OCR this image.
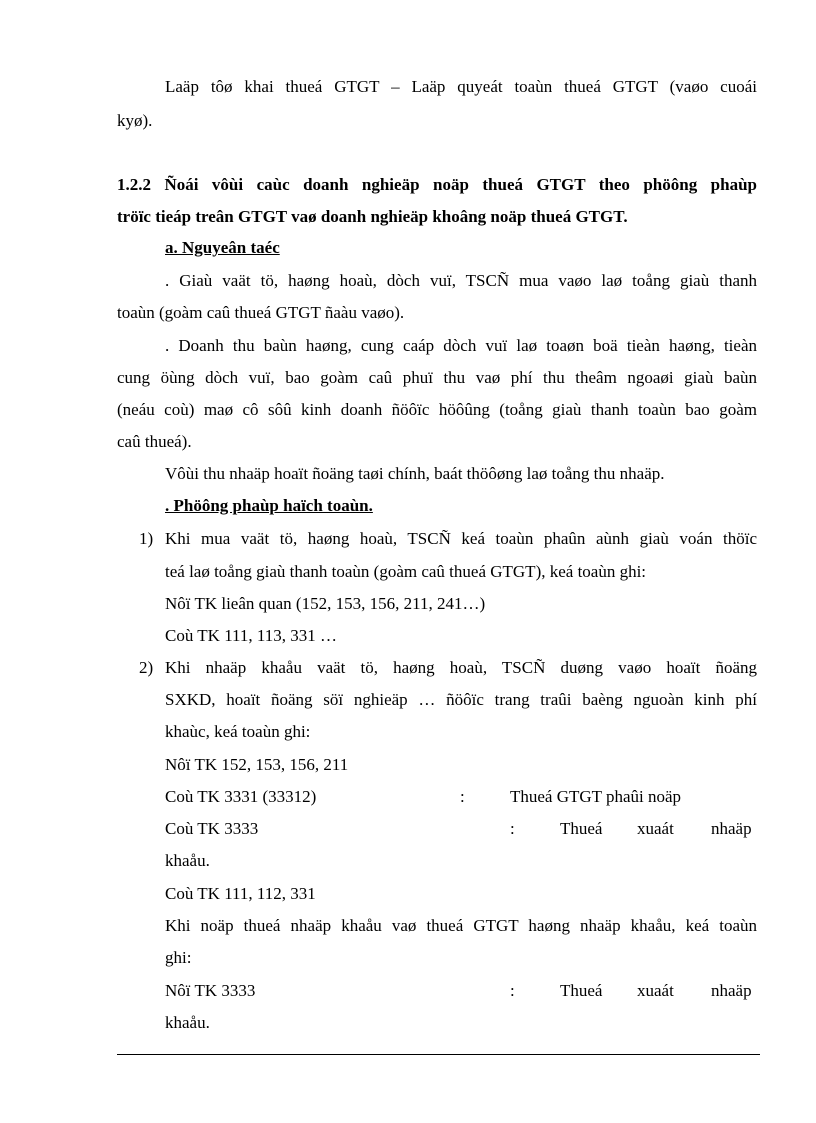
Laäp tôø khai thueá GTGT – Laäp quyeát toaùn thueá GTGT (vaøo cuoái
kyø).
1.2.2 Ñoái vôùi caùc doanh nghieäp noäp thueá GTGT theo phöông phaùp
tröïc tieáp treân GTGT vaø doanh nghieäp khoâng noäp thueá GTGT.
a. Nguyeân taéc
. Giaù vaät tö, haøng hoaù, dòch vuï, TSCÑ mua vaøo laø toång giaù thanh
toaùn (goàm caû thueá GTGT ñaàu vaøo).
. Doanh thu baùn haøng, cung caáp dòch vuï laø toaøn boä tieàn haøng, tieàn
cung öùng dòch vuï, bao goàm caû phuï thu vaø phí thu theâm ngoaøi giaù baùn
(neáu coù) maø cô sôû kinh doanh ñöôïc höôûng (toång giaù thanh toaùn bao goàm
caû thueá).
Vôùi thu nhaäp hoaït ñoäng taøi chính, baát thöôøng laø toång thu nhaäp.
. Phöông phaùp haïch toaùn.
1) Khi mua vaät tö, haøng hoaù, TSCÑ keá toaùn phaûn aùnh giaù voán thöïc
teá laø toång giaù thanh toaùn (goàm caû thueá GTGT), keá toaùn ghi:
Nôï TK lieân quan (152, 153, 156, 211, 241…)
Coù TK 111, 113, 331 …
2) Khi nhaäp khaåu vaät tö, haøng hoaù, TSCÑ duøng vaøo hoaït ñoäng
SXKD, hoaït ñoäng söï nghieäp … ñöôïc trang traûi baèng nguoàn kinh phí
khaùc, keá toaùn ghi:
Nôï TK 152, 153, 156, 211
Coù TK 3331 (33312)	:	Thueá GTGT phaûi noäp
Coù TK 3333	:	Thueá xuaát nhaäp
khaåu.
Coù TK 111, 112, 331
Khi noäp thueá nhaäp khaåu vaø thueá GTGT haøng nhaäp khaåu, keá toaùn
ghi:
Nôï TK 3333	:	Thueá xuaát nhaäp
khaåu.
